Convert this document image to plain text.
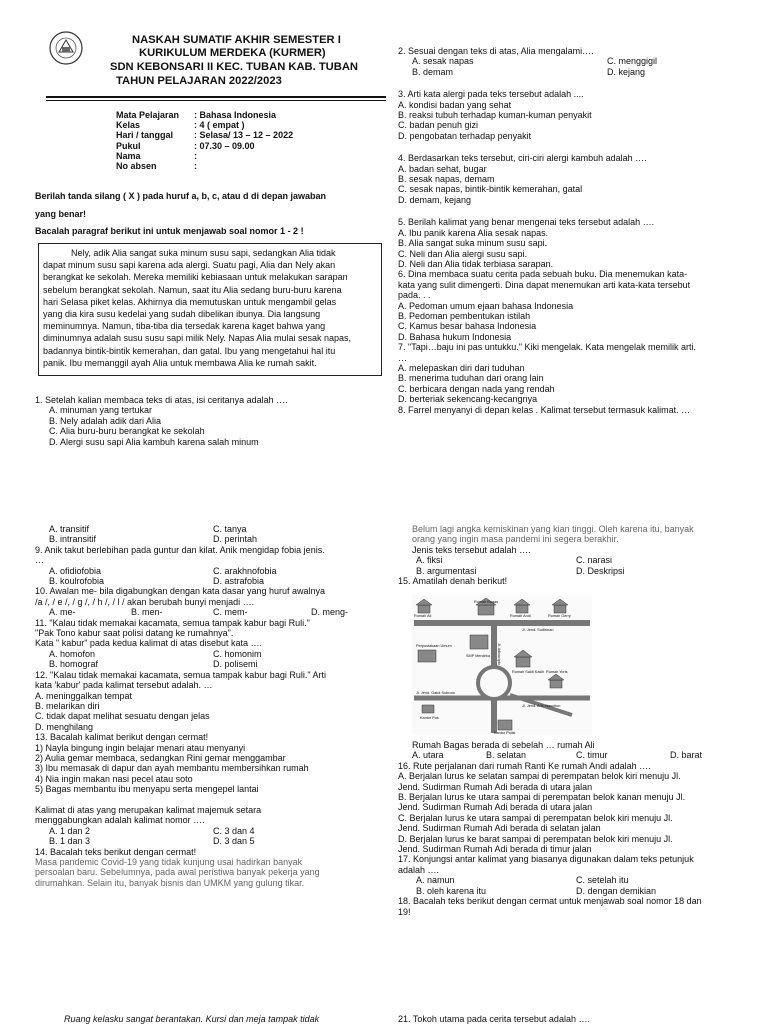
NASKAH SUMATIF AKHIR SEMESTER I
KURIKULUM MERDEKA (KURMER)
SDN KEBONSARI II KEC. TUBAN KAB. TUBAN
TAHUN PELAJARAN 2022/2023
Mata Pelajaran	: Bahasa Indonesia
Kelas	: 4 ( empat )
Hari / tanggal	: Selasa/ 13 – 12 – 2022
Pukul	: 07.30 – 09.00
Nama	:
No absen	:
Berilah tanda silang ( X ) pada huruf a, b, c, atau d di depan jawaban
yang benar!
Bacalah paragraf berikut ini untuk menjawab soal nomor 1 - 2 !
Nely, adik Alia sangat suka minum susu sapi, sedangkan Alia tidak
dapat minum susu sapi karena ada alergi. Suatu pagi, Alia dan Nely akan
berangkat ke sekolah. Mereka memiliki kebiasaan untuk melakukan sarapan
sebelum berangkat sekolah. Namun, saat itu Alia sedang buru-buru karena
hari Selasa piket kelas. Akhirnya dia memutuskan untuk mengambil gelas
yang dia kira susu kedelai yang sudah dibelikan ibunya. Dia langsung
meminumnya. Namun, tiba-tiba dia tersedak karena kaget bahwa yang
diminumnya adalah susu susu sapi milik Nely. Napas Alia mulai sesak napas,
badannya bintik-bintik kemerahan, dan gatal. Ibu yang mengetahui hal itu
panik. Ibu memanggil ayah Alia untuk membawa Alia ke rumah sakit.
1. Setelah kalian membaca teks di atas, isi ceritanya adalah ….
A. minuman yang tertukar
B. Nely adalah adik dari Alia
C. Alia buru-buru berangkat ke sekolah
D. Alergi susu sapi Alia kambuh karena salah minum
2. Sesuai dengan teks di atas, Alia mengalami….
A. sesak napas	C. menggigil
B. demam	D. kejang
3. Arti kata alergi pada teks tersebut adalah ....
A. kondisi badan yang sehat
B. reaksi tubuh terhadap kuman-kuman penyakit
C. badan penuh gizi
D. pengobatan terhadap penyakit
4. Berdasarkan teks tersebut, ciri-ciri alergi kambuh adalah ….
A. badan sehat, bugar
B. sesak napas, demam
C. sesak napas, bintik-bintik kemerahan, gatal
D. demam, kejang
5. Berilah kalimat yang benar mengenai teks tersebut adalah ….
A. Ibu panik karena Alia sesak napas.
B. Alia sangat suka minum susu sapi.
C. Neli dan Alia alergi susu sapi.
D. Neli dan Alia tidak terbiasa sarapan.
6. Dina membaca suatu cerita pada sebuah buku. Dia menemukan kata-
kata yang sulit dimengerti. Dina dapat menemukan arti kata-kata tersebut
pada. . .
A. Pedoman umum ejaan bahasa Indonesia
B. Pedoman pembentukan istilah
C. Kamus besar bahasa Indonesia
D. Bahasa hukum Indonesia
7. "Tapi…baju ini pas untukku." Kiki mengelak. Kata mengelak memilik arti.
…
A. melepaskan diri dari tuduhan
B. menerima tuduhan dari orang lain
C. berbicara dengan nada yang rendah
D. berteriak sekencang-kecangnya
8. Farrel menyanyi di depan kelas . Kalimat tersebut termasuk kalimat. …
A. transitif	C. tanya
B. intransitif	D. perintah
9. Anik takut berlebihan pada guntur dan kilat. Anik mengidap fobia jenis.
…
A. ofidiofobia	C. arakhnofobia
B. koulrofobia	D. astrafobia
10. Awalan me- bila digabungkan dengan kata dasar yang huruf awalnya
/a /, / e /, / g /, / h /, / l / akan berubah bunyi menjadi ….
A. me-	B. men-	C. mem-	D. meng-
11. "Kalau tidak memakai kacamata, semua tampak kabur bagi Ruli."
"Pak Tono kabur saat polisi datang ke rumahnya".
Kata " kabur" pada kedua kalimat di atas disebut kata ….
A. homofon	C. homonim
B. homograf	D. polisemi
12. "Kalau tidak memakai kacamata, semua tampak kabur bagi Ruli." Arti
kata 'kabur' pada kalimat tersebut adalah. …
A. meninggalkan tempat
B. melarikan diri
C. tidak dapat melihat sesuatu dengan jelas
D. menghilang
13. Bacalah kalimat berikut dengan cermat!
1) Nayla bingung ingin belajar menari atau menyanyi
2) Aulia gemar membaca, sedangkan Rini gemar menggambar
3) Ibu memasak di dapur dan ayah membantu membersihkan rumah
4) Nia ingin makan nasi pecel atau soto
5) Bagas membantu ibu menyapu serta mengepel lantai
Kalimat di atas yang merupakan kalimat majemuk setara
menggabungkan adalah kalimat nomor ….
A. 1 dan 2	C. 3 dan 4
B. 1 dan 3	D. 3 dan 5
14. Bacalah teks berikut dengan cermat!
Masa pandemic Covid-19 yang tidak kunjung usai hadirkan banyak
persoalan baru. Sebelumnya, pada awal peristiwa banyak pekerja yang
dirumahkan. Selain itu, banyak bisnis dan UMKM yang gulung tikar.
Ruang kelasku sangat berantakan. Kursi dan meja tampak tidak
Belum lagi angka kemiskinan yang kian tinggi. Oleh karena itu, banyak
orang yang ingin masa pandemi ini segera berakhir.
Jenis teks tersebut adalah ….
A. fiksi	C. narasi
B. argumentasi	D. Deskripsi
15. Amatilah denah berikut!
Rumah Ali
Rumah Bagas
Rumah Andi	Rumah Gerry
Jl. Jend. Sudirman
Jl. Adisucipto
Perpustakaan Umum
SMP Merdeka
Rumah Sakit Kasih Rumah Yoris
Jl. Jend. Gatot Subroto
Jl. Jend. A.H. Nasution
Kantor Pos
Kantor Polisi
Rumah Bagas berada di sebelah … rumah Ali
A. utara	B. selatan	C. timur	D. barat
16. Rute perjalanan dari rumah Ranti Ke rumah Andi adalah ….
A. Berjalan lurus ke selatan sampai di perempatan belok kiri menuju Jl.
Jend. Sudirman Rumah Adi berada di utara jalan
B. Berjalan lurus ke utara sampai di perempatan belok kanan menuju Jl.
Jend. Sudirman Rumah Adi berada di utara jalan
C. Berjalan lurus ke utara sampai di perempatan belok kiri menuju Jl.
Jend. Sudirman Rumah Adi berada di selatan jalan
D. Berjalan lurus ke barat sampai di perempatan belok kiri menuju Jl.
Jend. Sudirman Rumah Adi berada di timur jalan
17. Konjungsi antar kalimat yang biasanya digunakan dalam teks petunjuk
adalah ….
A. namun	C. setelah itu
B. oleh karena itu	D. dengan demikian
18. Bacalah teks berikut dengan cermat untuk menjawab soal nomor 18 dan
19!
21. Tokoh utama pada cerita tersebut adalah ….
